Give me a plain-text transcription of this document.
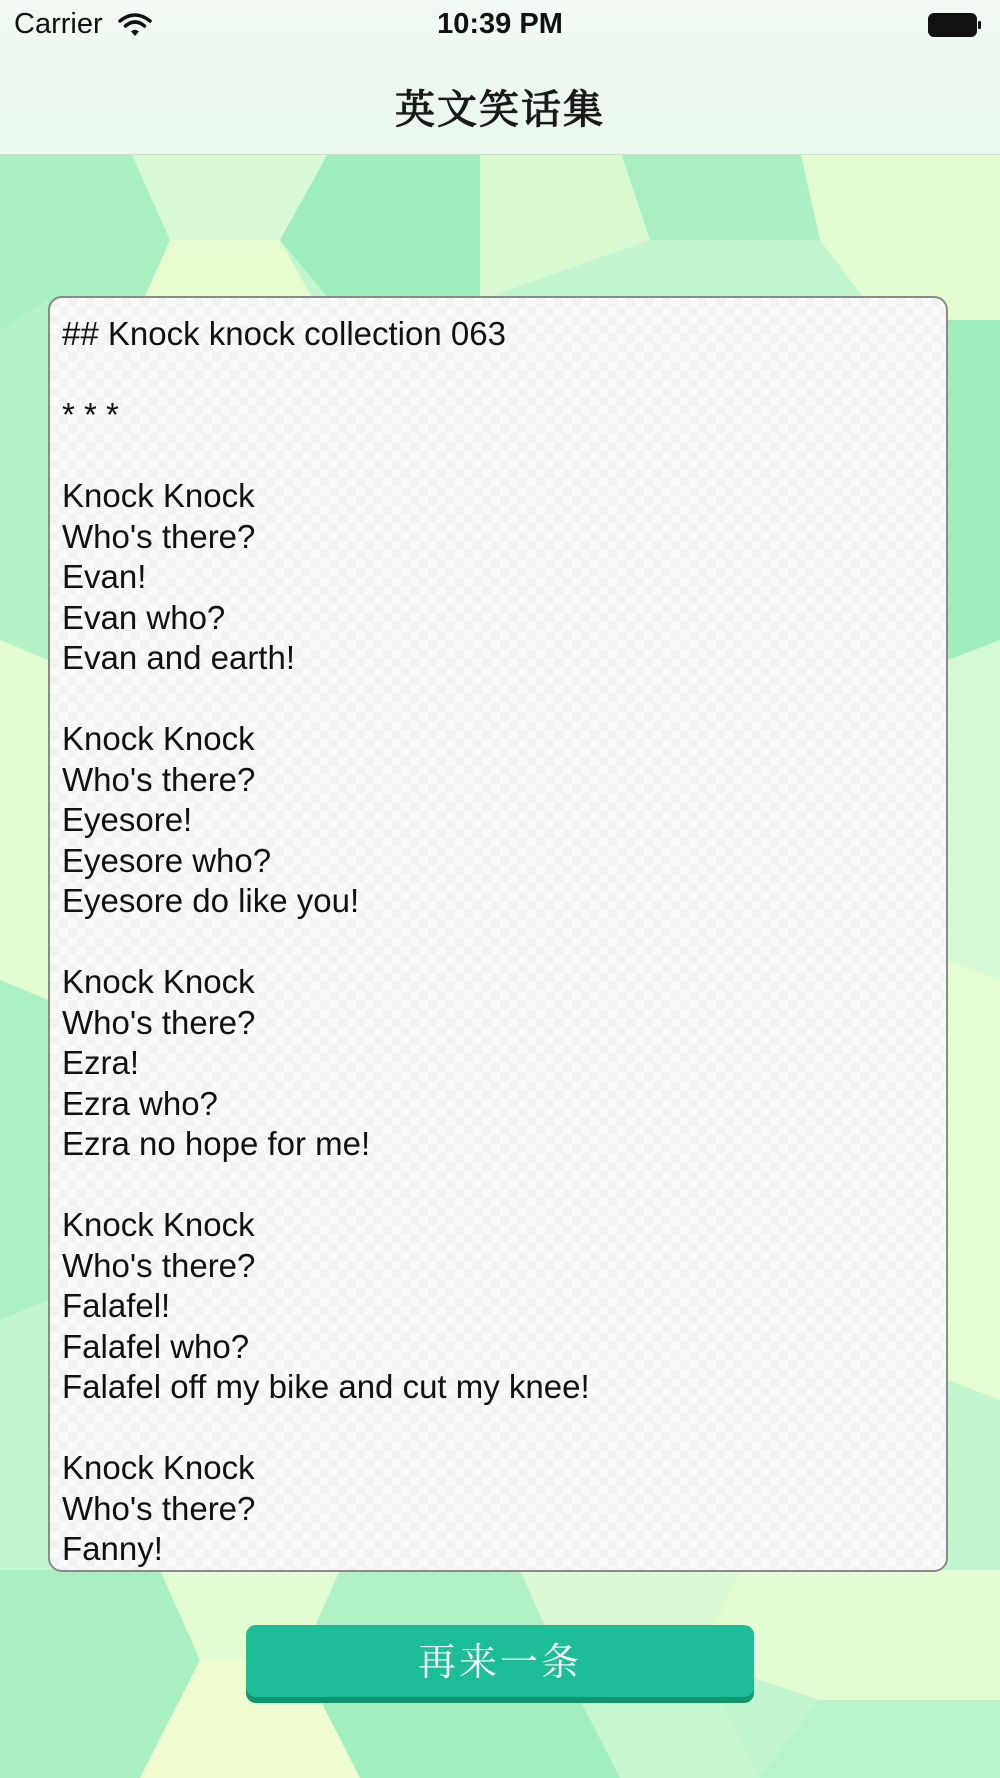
Carrier	10:39 PM
英文笑话集
## Knock knock collection 063

* * *

Knock Knock
Who's there?
Evan!
Evan who?
Evan and earth!

Knock Knock
Who's there?
Eyesore!
Eyesore who?
Eyesore do like you!

Knock Knock
Who's there?
Ezra!
Ezra who?
Ezra no hope for me!

Knock Knock
Who's there?
Falafel!
Falafel who?
Falafel off my bike and cut my knee!

Knock Knock
Who's there?
Fanny!
再来一条
